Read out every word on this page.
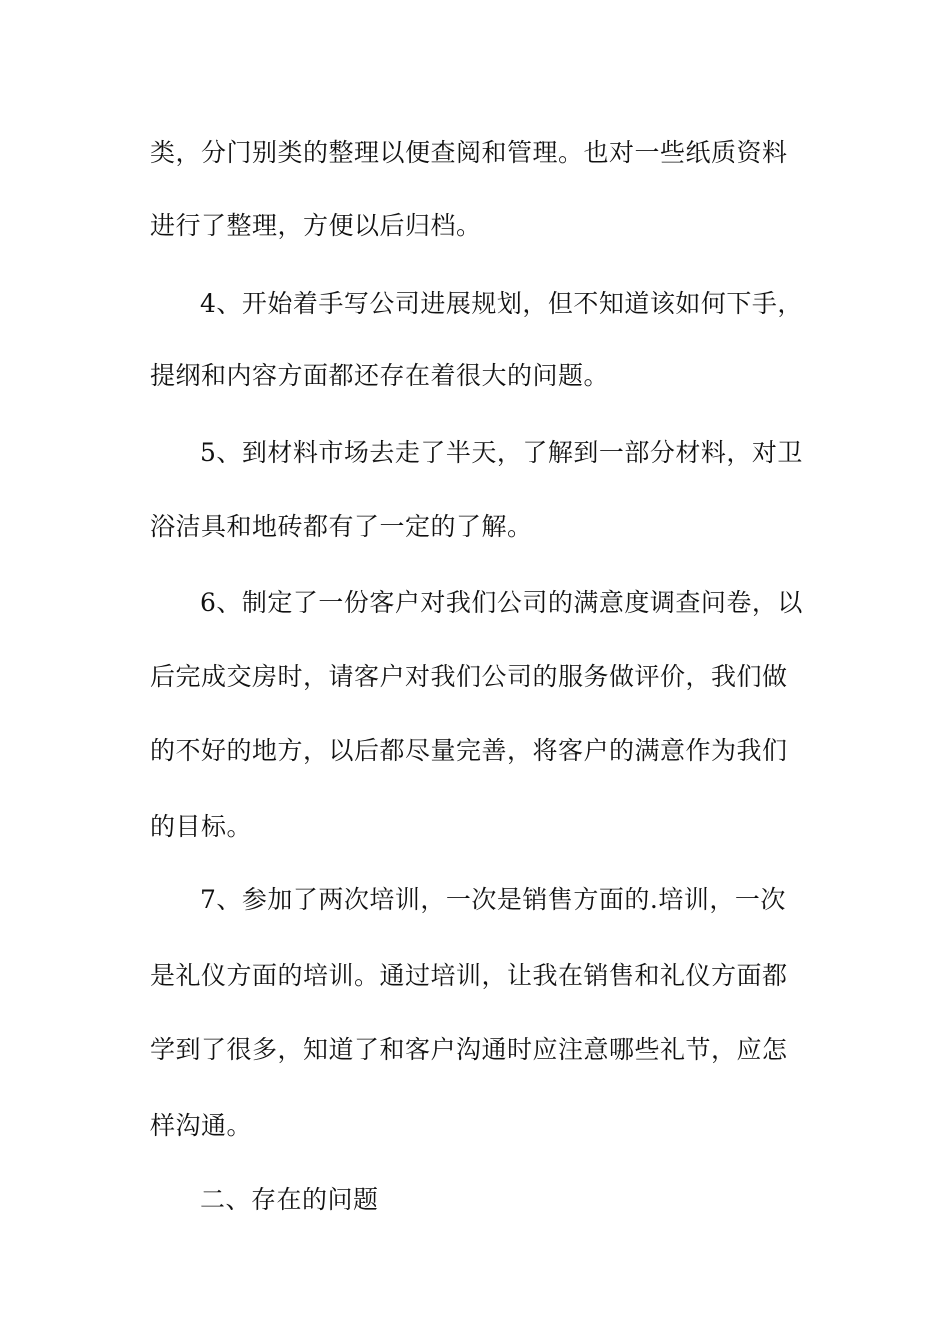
类，分门别类的整理以便查阅和管理。也对一些纸质资料
进行了整理，方便以后归档。
4、开始着手写公司进展规划，但不知道该如何下手，
提纲和内容方面都还存在着很大的问题。
5、到材料市场去走了半天，了解到一部分材料，对卫
浴洁具和地砖都有了一定的了解。
6、制定了一份客户对我们公司的满意度调查问卷，以
后完成交房时，请客户对我们公司的服务做评价，我们做
的不好的地方，以后都尽量完善，将客户的满意作为我们
的目标。
7、参加了两次培训，一次是销售方面的.培训，一次
是礼仪方面的培训。通过培训，让我在销售和礼仪方面都
学到了很多，知道了和客户沟通时应注意哪些礼节，应怎
样沟通。
二、存在的问题
